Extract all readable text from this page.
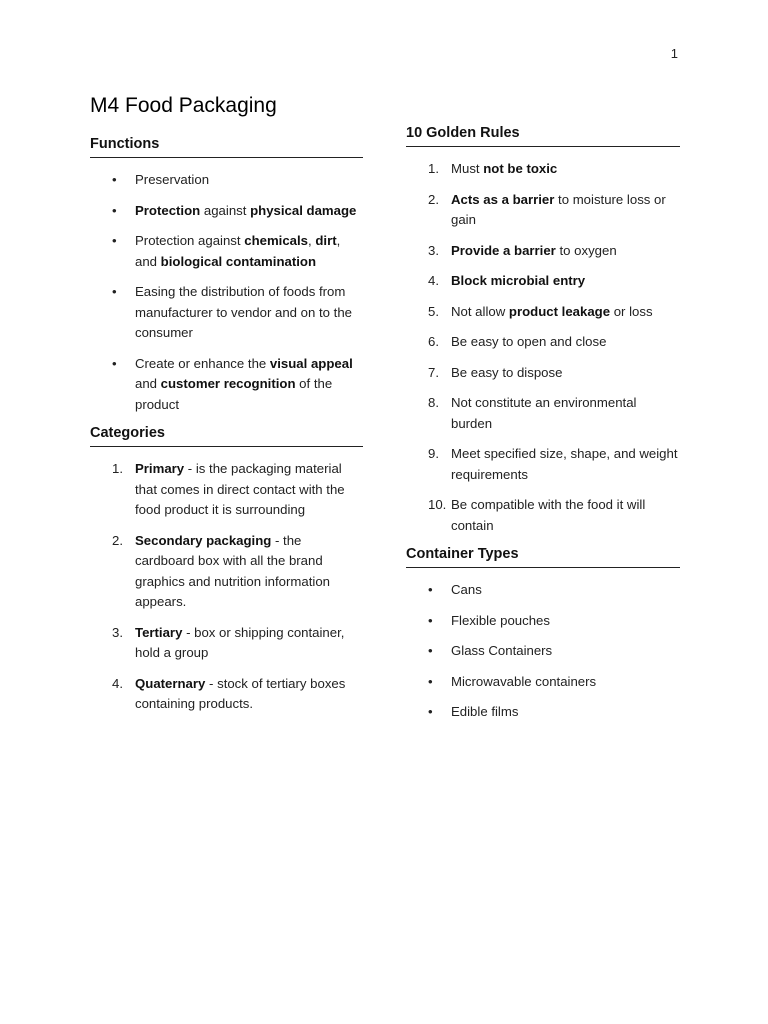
1
M4 Food Packaging
Functions
• Preservation
• Protection against physical damage
• Protection against chemicals, dirt, and biological contamination
• Easing the distribution of foods from manufacturer to vendor and on to the consumer
• Create or enhance the visual appeal and customer recognition of the product
Categories
1. Primary - is the packaging material that comes in direct contact with the food product it is surrounding
2. Secondary packaging - the cardboard box with all the brand graphics and nutrition information appears.
3. Tertiary - box or shipping container, hold a group
4. Quaternary - stock of tertiary boxes containing products.
10 Golden Rules
1. Must not be toxic
2. Acts as a barrier to moisture loss or gain
3. Provide a barrier to oxygen
4. Block microbial entry
5. Not allow product leakage or loss
6. Be easy to open and close
7. Be easy to dispose
8. Not constitute an environmental burden
9. Meet specified size, shape, and weight requirements
10. Be compatible with the food it will contain
Container Types
• Cans
• Flexible pouches
• Glass Containers
• Microwavable containers
• Edible films
